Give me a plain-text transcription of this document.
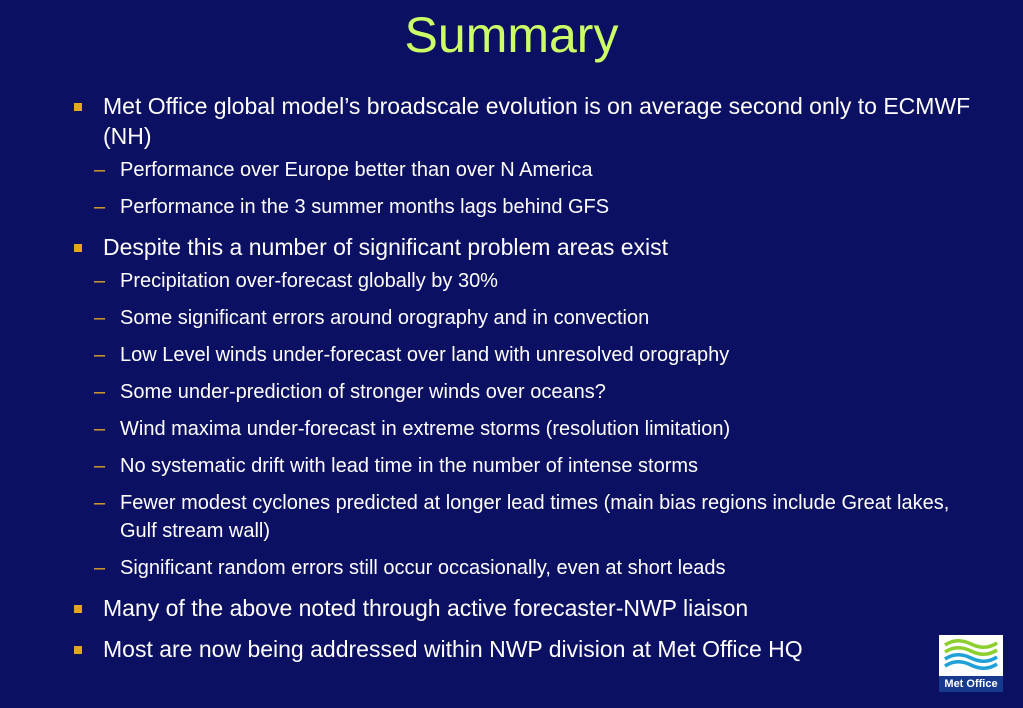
Summary
Met Office global model’s broadscale evolution is on average second only to ECMWF (NH)
– Performance over Europe better than over N America
– Performance in the 3 summer months lags behind GFS
Despite this a number of significant problem areas exist
– Precipitation over-forecast globally by 30%
– Some significant errors around orography and in convection
– Low Level winds under-forecast over land with unresolved orography
– Some under-prediction of stronger winds over oceans?
– Wind maxima under-forecast in extreme storms (resolution limitation)
– No systematic drift with lead time in the number of intense storms
– Fewer modest cyclones predicted at longer lead times (main bias regions include Great lakes, Gulf stream wall)
– Significant random errors still occur occasionally, even at short leads
Many of the above noted through active forecaster-NWP liaison
Most are now being addressed within NWP division at Met Office HQ
Met Office
